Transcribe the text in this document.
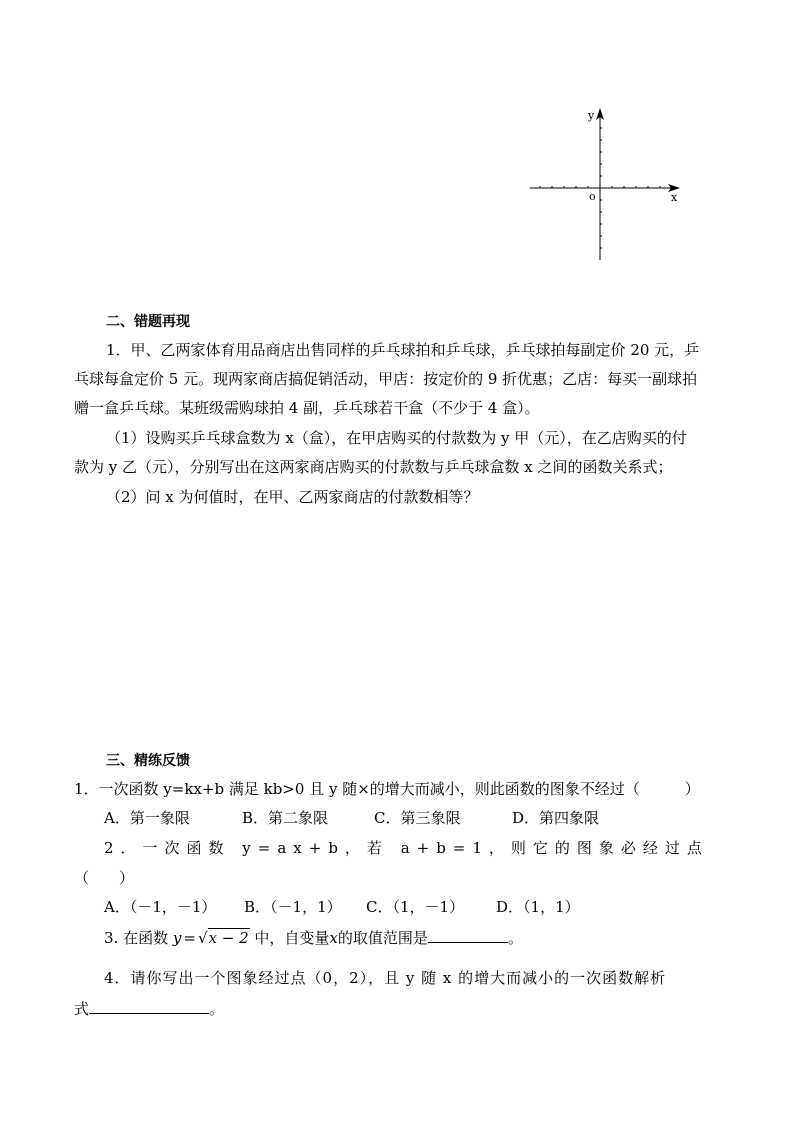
y
x
o
二、错题再现
1．甲、乙两家体育用品商店出售同样的乒乓球拍和乒乓球，乒乓球拍每副定价 20 元，乒
乓球每盒定价 5 元。现两家商店搞促销活动，甲店：按定价的 9 折优惠；乙店：每买一副球拍
赠一盒乒乓球。某班级需购球拍 4 副，乒乓球若干盒（不少于 4 盒）。
（1）设购买乒乓球盒数为 x（盒），在甲店购买的付款数为 y 甲（元），在乙店购买的付
款为 y 乙（元），分别写出在这两家商店购买的付款数与乒乓球盒数 x 之间的函数关系式；
（2）问 x 为何值时，在甲、乙两家商店的付款数相等？
三、精练反馈
1．一次函数 y=kx+b 满足 kb>0 且 y 随×的增大而减小，则此函数的图象不经过（　　　）
A．第一象限	B．第二象限	C．第三象限	D．第四象限
2．一次函数 y=ax+b，若 a+b=1，则它的图象必经过点
（　　）
A．（－1，－1） B．（－1，1） C．（1，－1） D．（1，1）
3. 在函数 y = √x − 2 中，自变量x的取值范围是	。
4．请你写出一个图象经过点（0，2），且 y 随 x 的增大而减小的一次函数解析
式	。
